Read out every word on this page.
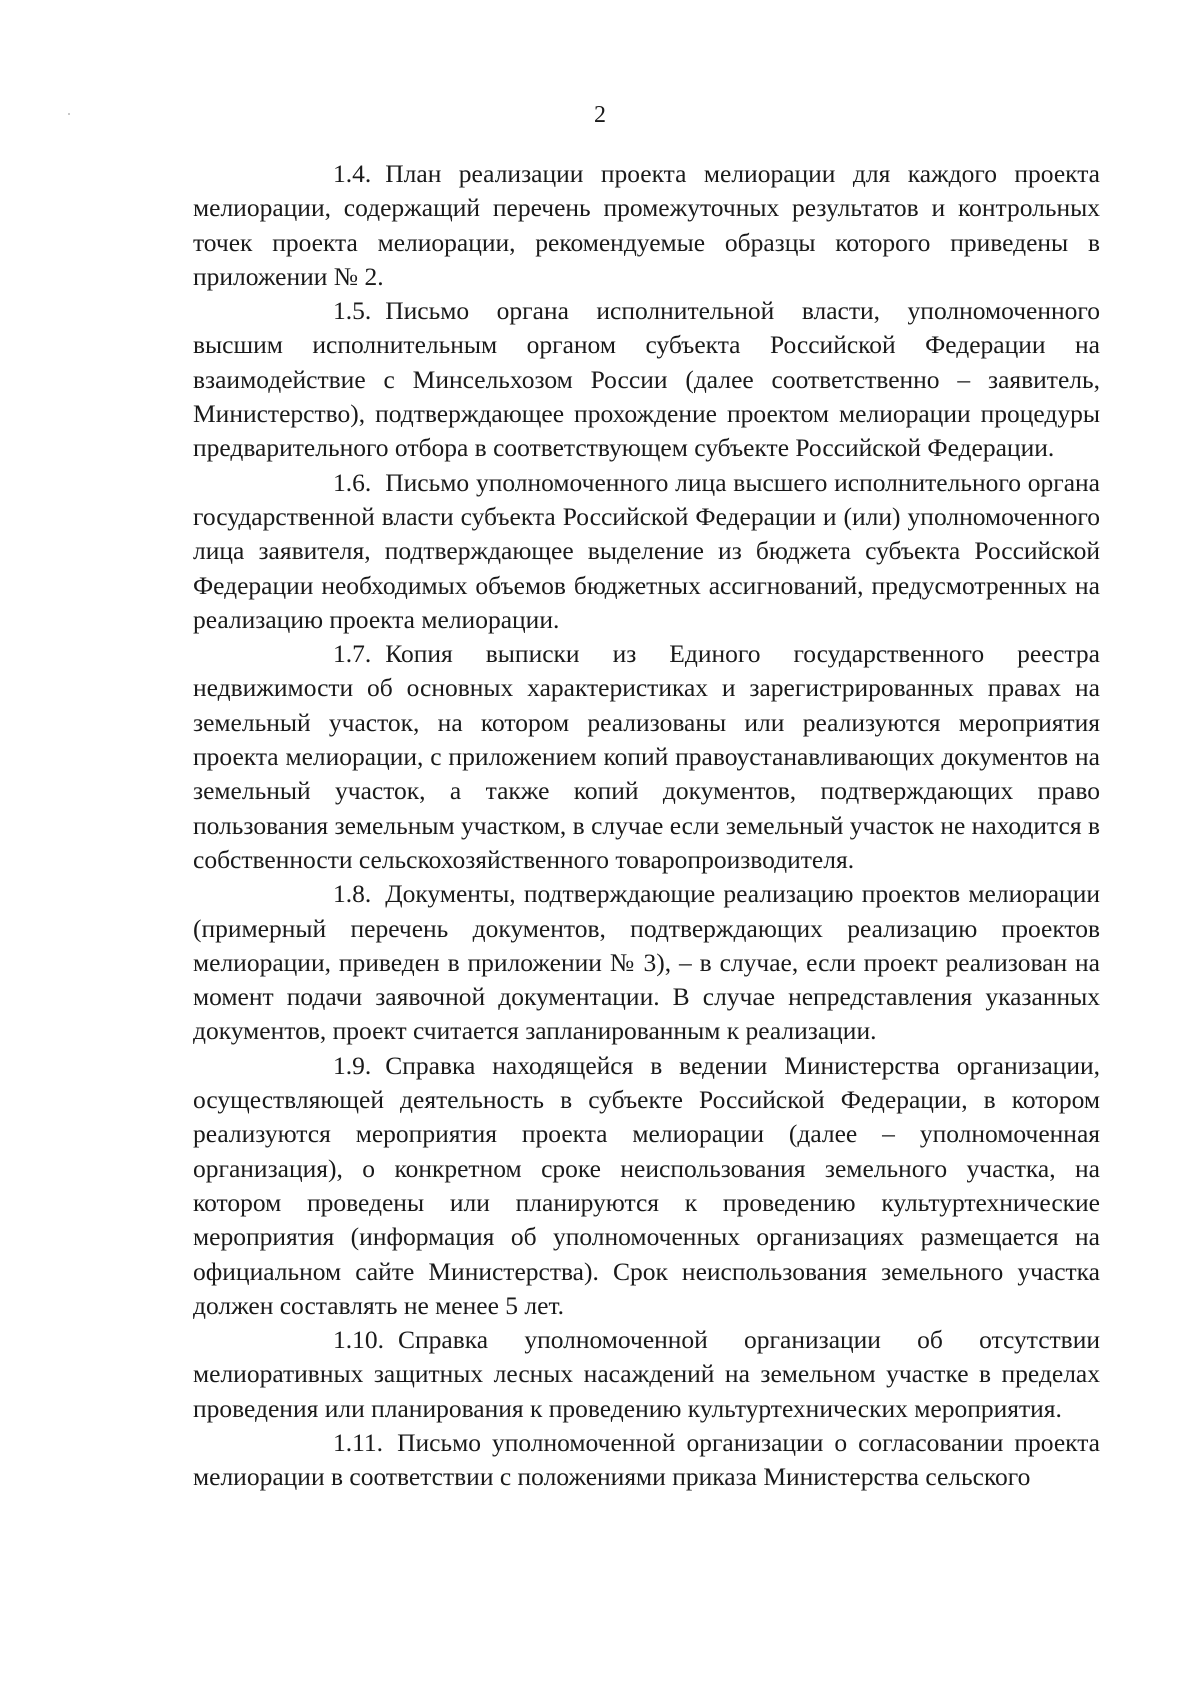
2

1.4. План реализации проекта мелиорации для каждого проекта мелиорации, содержащий перечень промежуточных результатов и контрольных точек проекта мелиорации, рекомендуемые образцы которого приведены в приложении № 2.

1.5. Письмо органа исполнительной власти, уполномоченного высшим исполнительным органом субъекта Российской Федерации на взаимодействие с Минсельхозом России (далее соответственно – заявитель, Министерство), подтверждающее прохождение проектом мелиорации процедуры предварительного отбора в соответствующем субъекте Российской Федерации.

1.6. Письмо уполномоченного лица высшего исполнительного органа государственной власти субъекта Российской Федерации и (или) уполномоченного лица заявителя, подтверждающее выделение из бюджета субъекта Российской Федерации необходимых объемов бюджетных ассигнований, предусмотренных на реализацию проекта мелиорации.

1.7. Копия выписки из Единого государственного реестра недвижимости об основных характеристиках и зарегистрированных правах на земельный участок, на котором реализованы или реализуются мероприятия проекта мелиорации, с приложением копий правоустанавливающих документов на земельный участок, а также копий документов, подтверждающих право пользования земельным участком, в случае если земельный участок не находится в собственности сельскохозяйственного товаропроизводителя.

1.8. Документы, подтверждающие реализацию проектов мелиорации (примерный перечень документов, подтверждающих реализацию проектов мелиорации, приведен в приложении № 3), – в случае, если проект реализован на момент подачи заявочной документации. В случае непредставления указанных документов, проект считается запланированным к реализации.

1.9. Справка находящейся в ведении Министерства организации, осуществляющей деятельность в субъекте Российской Федерации, в котором реализуются мероприятия проекта мелиорации (далее – уполномоченная организация), о конкретном сроке неиспользования земельного участка, на котором проведены или планируются к проведению культуртехнические мероприятия (информация об уполномоченных организациях размещается на официальном сайте Министерства). Срок неиспользования земельного участка должен составлять не менее 5 лет.

1.10. Справка уполномоченной организации об отсутствии мелиоративных защитных лесных насаждений на земельном участке в пределах проведения или планирования к проведению культуртехнических мероприятия.

1.11. Письмо уполномоченной организации о согласовании проекта мелиорации в соответствии с положениями приказа Министерства сельского
